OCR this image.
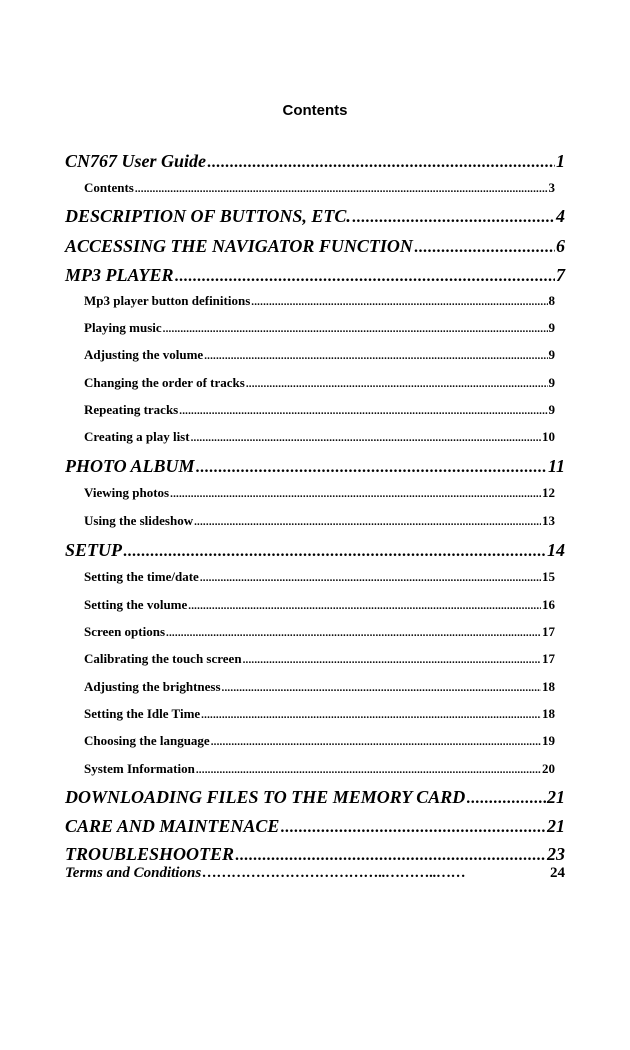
Contents
CN767 User Guide .....	1
Contents .....	3
DESCRIPTION OF BUTTONS, ETC. .....	4
ACCESSING THE NAVIGATOR FUNCTION .....	6
MP3 PLAYER .....	7
Mp3 player button definitions .....	8
Playing music .....	9
Adjusting the volume .....	9
Changing the order of tracks .....	9
Repeating tracks .....	9
Creating a play list .....	10
PHOTO ALBUM .....	11
Viewing photos .....	12
Using the slideshow .....	13
SETUP .....	14
Setting the time/date .....	15
Setting the volume .....	16
Screen options .....	17
Calibrating the touch screen .....	17
Adjusting the brightness .....	18
Setting the Idle Time .....	18
Choosing the language .....	19
System Information .....	20
DOWNLOADING FILES TO THE MEMORY CARD .....	21
CARE AND MAINTENACE .....	21
TROUBLESHOOTER .....	23
Terms and Conditions ………………………………..………..……	24
